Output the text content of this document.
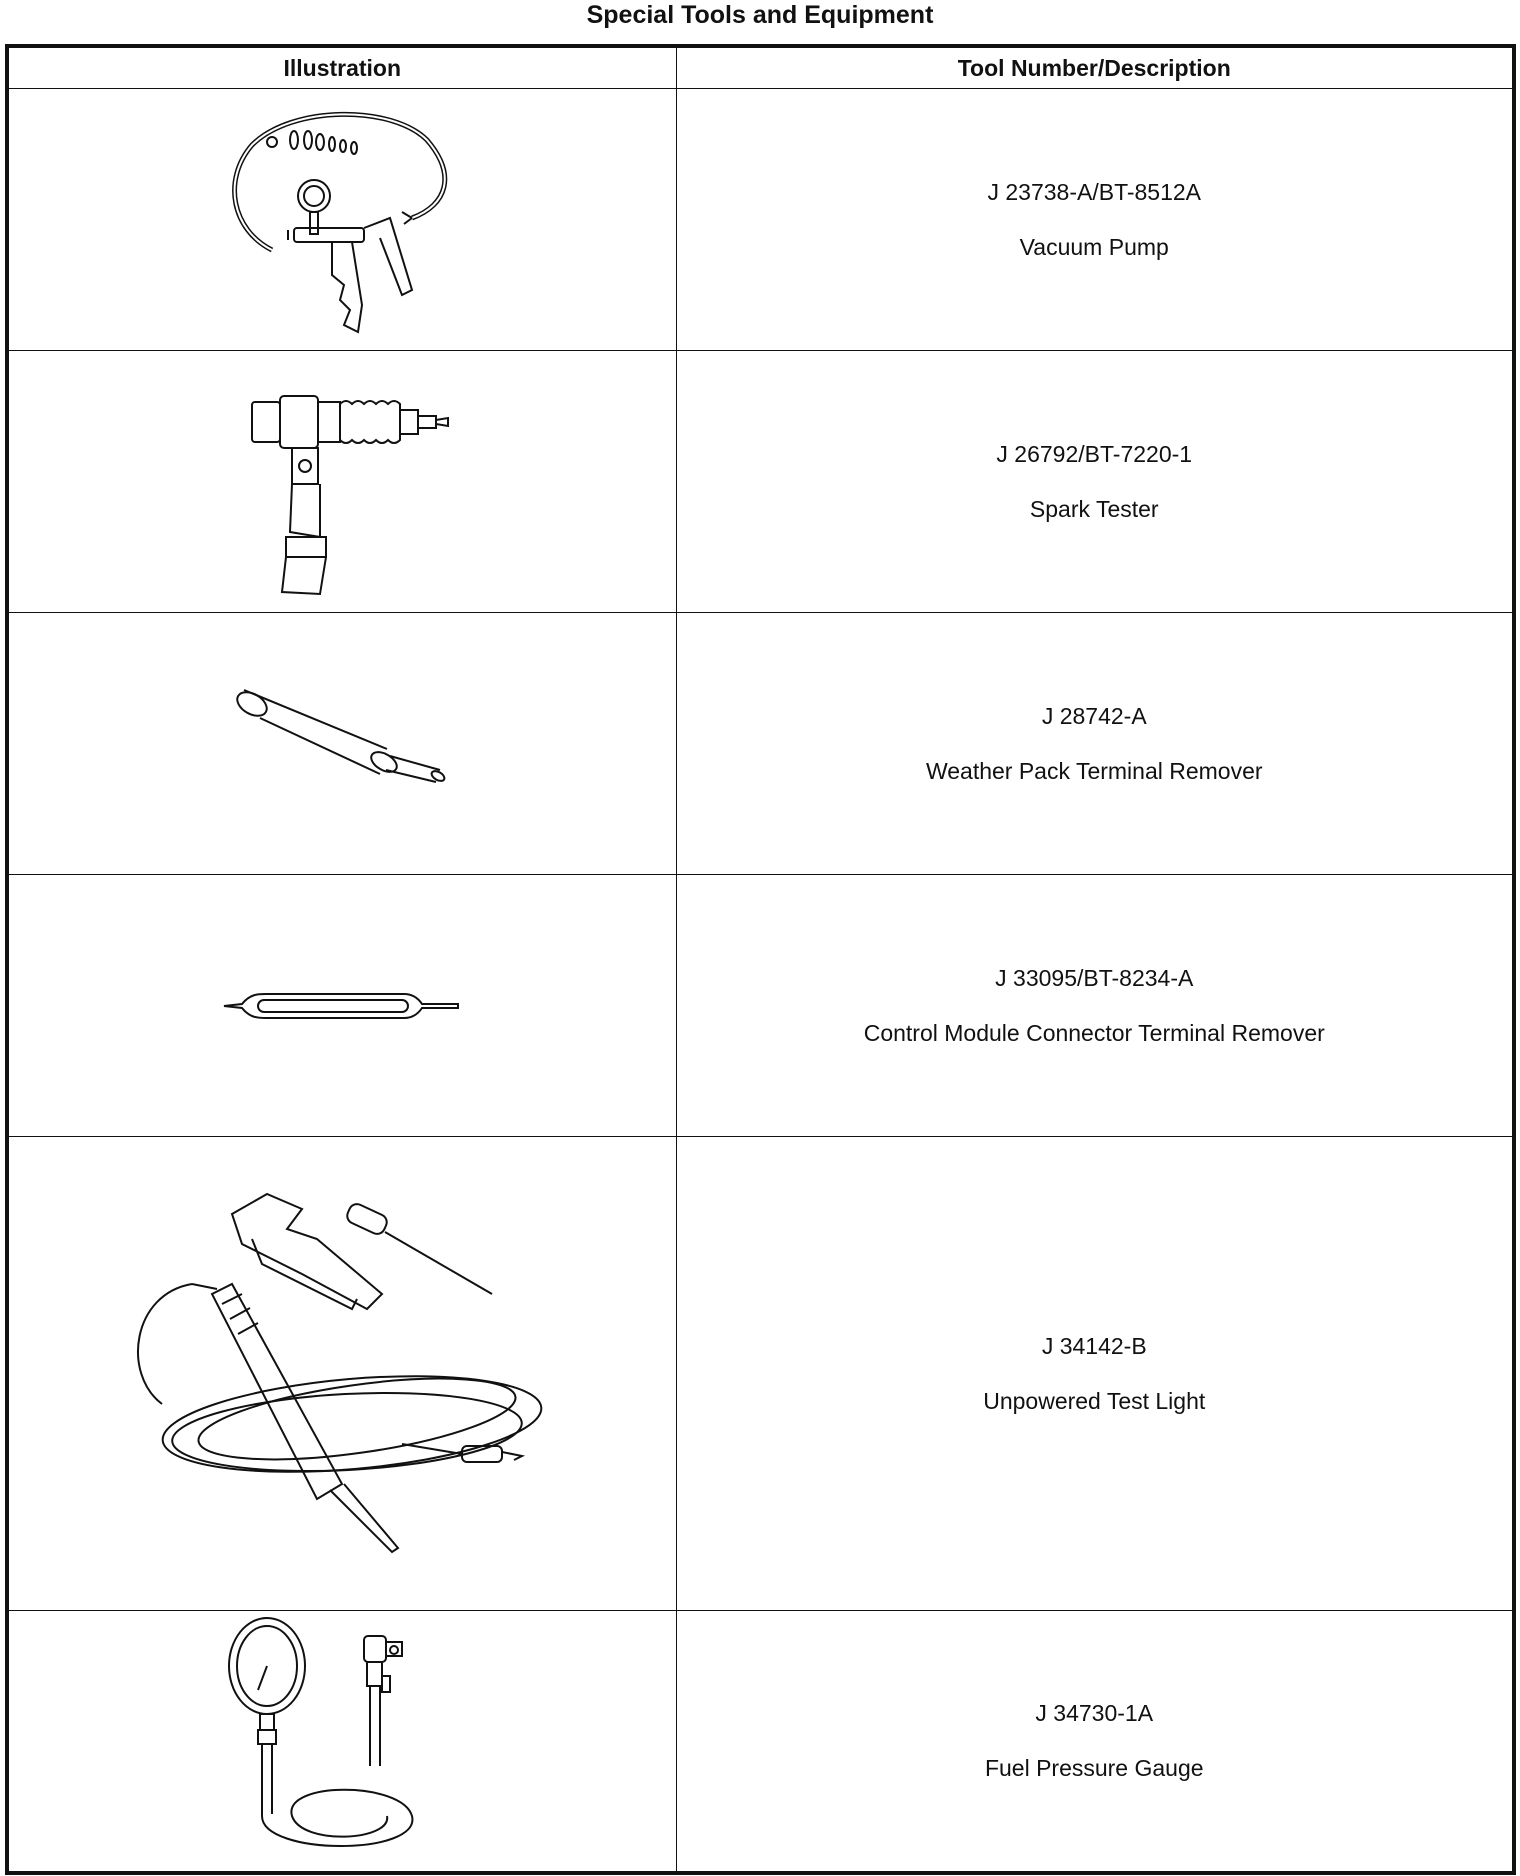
Special Tools and Equipment
Illustration	Tool Number/Description

J 23738-A/BT-8512A
Vacuum Pump

J 26792/BT-7220-1
Spark Tester

J 28742-A
Weather Pack Terminal Remover

J 33095/BT-8234-A
Control Module Connector Terminal Remover

J 34142-B
Unpowered Test Light

J 34730-1A
Fuel Pressure Gauge
